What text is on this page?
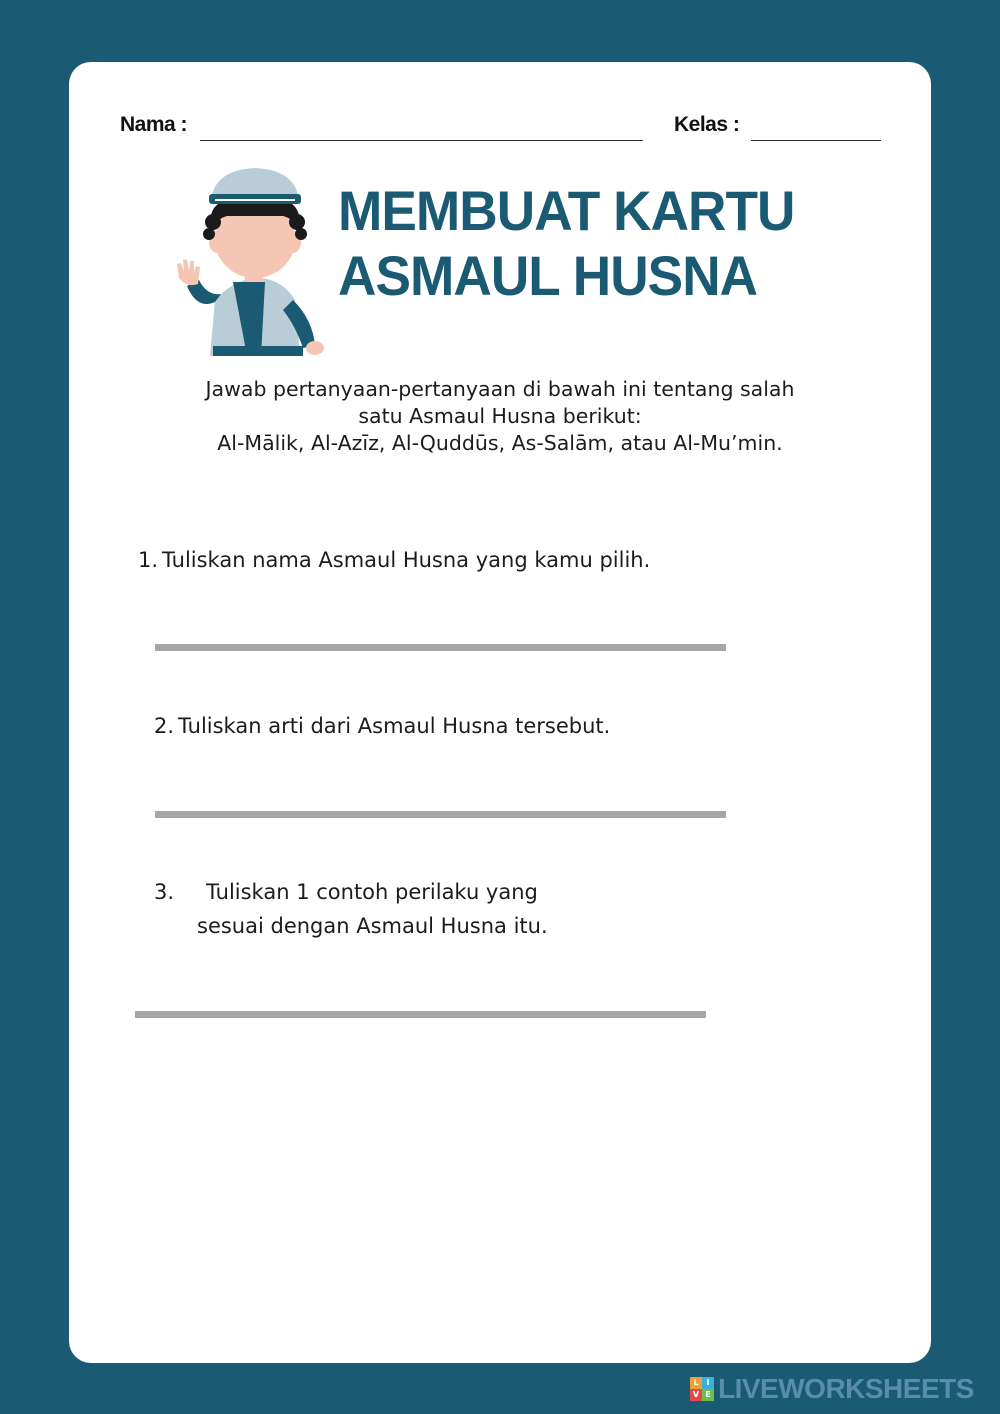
Nama :	Kelas :
MEMBUAT KARTU
ASMAUL HUSNA
Jawab pertanyaan-pertanyaan di bawah ini tentang salah
satu Asmaul Husna berikut:
Al-Mālik, Al-Azīz, Al-Quddūs, As-Salām, atau Al-Mu’min.
1. Tuliskan nama Asmaul Husna yang kamu pilih.
2. Tuliskan arti dari Asmaul Husna tersebut.
3. Tuliskan 1 contoh perilaku yang
sesuai dengan Asmaul Husna itu.
L I
V E LIVEWORKSHEETS
